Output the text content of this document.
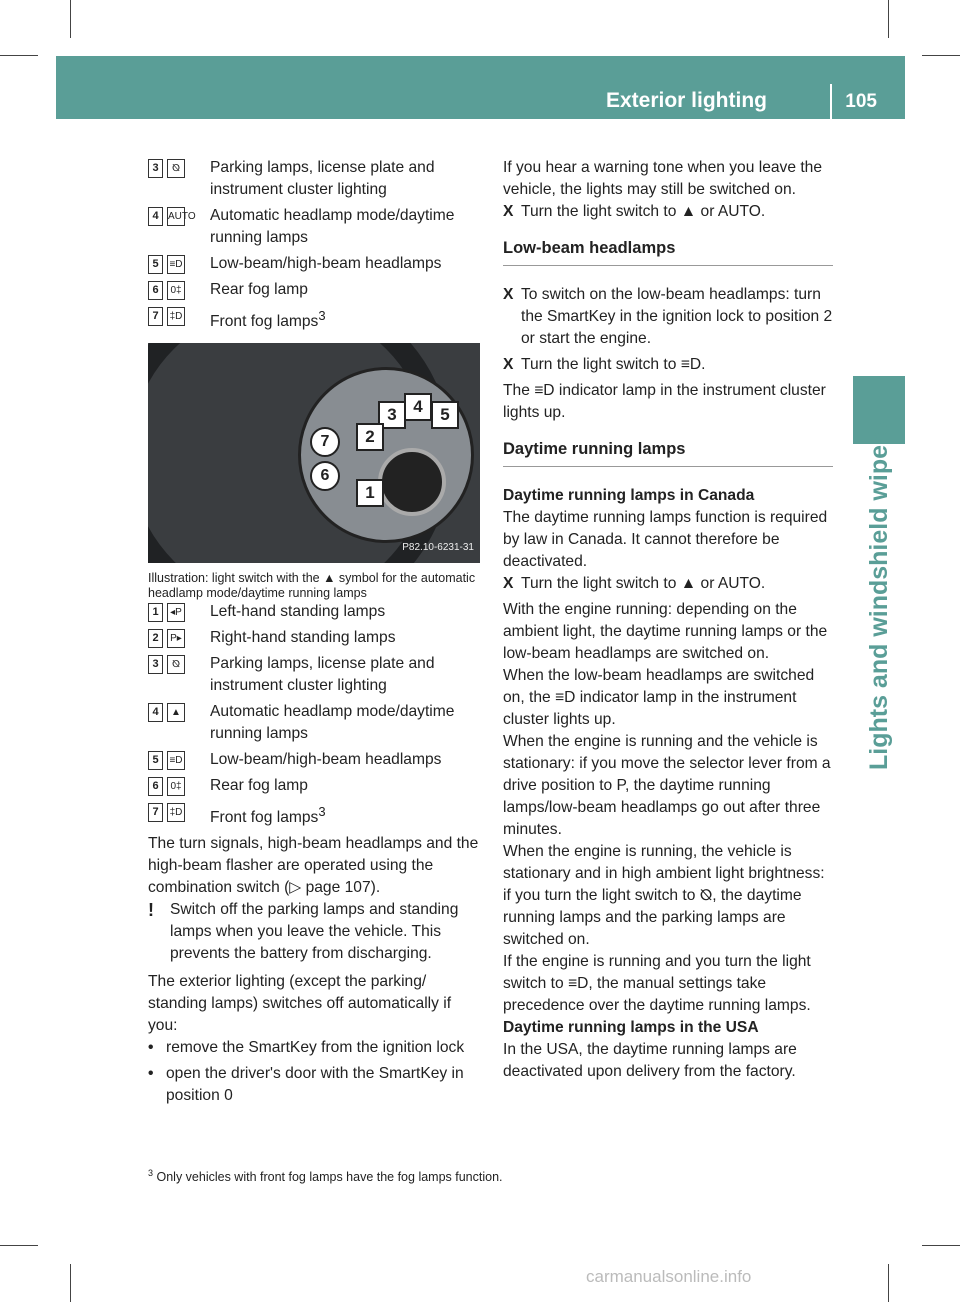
Exterior lighting	105
Lights and windshield wipers
3	⦰	Parking lamps, license plate and instrument cluster lighting
4 AUTO Automatic headlamp mode/daytime running lamps
5	≡D Low-beam/high-beam headlamps
6	0‡ Rear fog lamp
7	‡D Front fog lamps$^3$
3 4	5
2
1
7
6
P82.10-6231-31

Illustration: light switch with the ▲ symbol for the automatic headlamp mode/daytime running lamps

1	◂P Left-hand standing lamps
2	P▸ Right-hand standing lamps
3	⦰	Parking lamps, license plate and instrument cluster lighting
4	▲ Automatic headlamp mode/daytime running lamps
5	≡D Low-beam/high-beam headlamps
6	0‡ Rear fog lamp
7	‡D Front fog lamps$^3$

The turn signals, high-beam headlamps and the high-beam flasher are operated using the combination switch (▷ page 107).

!	Switch off the parking lamps and standing lamps when you leave the vehicle. This prevents the battery from discharging.

The exterior lighting (except the parking/ standing lamps) switches off automatically if you:

• remove the SmartKey from the ignition lock
• open the driver's door with the SmartKey in position 0

If you hear a warning tone when you leave the vehicle, the lights may still be switched on.

X Turn the light switch to ▲ or AUTO.
Low-beam headlamps
X To switch on the low-beam headlamps: turn the SmartKey in the ignition lock to position 2 or start the engine.
X Turn the light switch to ≡D.

The ≡D indicator lamp in the instrument cluster lights up.

Daytime running lamps

Daytime running lamps in Canada

The daytime running lamps function is required by law in Canada. It cannot therefore be deactivated.

X Turn the light switch to ▲ or AUTO.

With the engine running: depending on the ambient light, the daytime running lamps or the low-beam headlamps are switched on.

When the low-beam headlamps are switched on, the ≡D indicator lamp in the instrument cluster lights up.

When the engine is running and the vehicle is stationary: if you move the selector lever from a drive position to P, the daytime running lamps/low-beam headlamps go out after three minutes.

When the engine is running, the vehicle is stationary and in high ambient light brightness: if you turn the light switch to ⦰, the daytime running lamps and the parking lamps are switched on.

If the engine is running and you turn the light switch to ≡D, the manual settings take precedence over the daytime running lamps.

Daytime running lamps in the USA

In the USA, the daytime running lamps are deactivated upon delivery from the factory.

$^3$ Only vehicles with front fog lamps have the fog lamps function.
carmanualsonline.info
